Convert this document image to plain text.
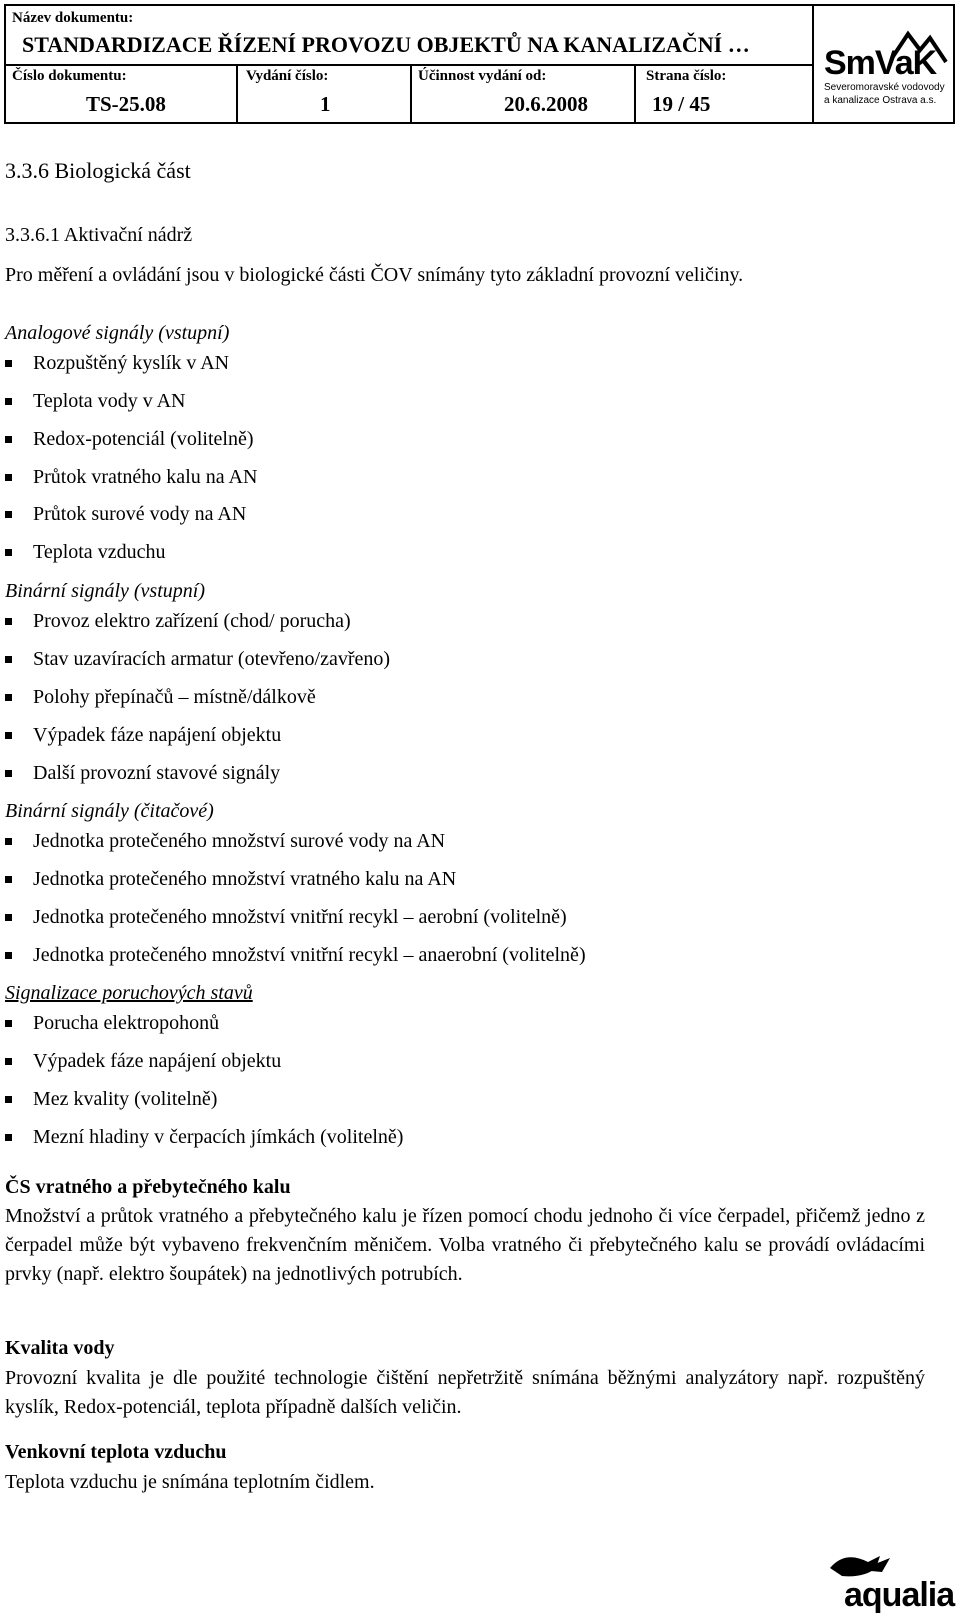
Název dokumentu:
STANDARDIZACE ŘÍZENÍ PROVOZU OBJEKTŮ NA KANALIZAČNÍ …
Číslo dokumentu:
TS-25.08
Vydání číslo:
1
Účinnost vydání od:
20.6.2008
Strana číslo:
19 / 45
SmVaK
Severomoravské vodovody
a kanalizace Ostrava a.s.
3.3.6 Biologická část
3.3.6.1 Aktivační nádrž
Pro měření a ovládání jsou v biologické části ČOV snímány tyto základní provozní veličiny.
Analogové signály (vstupní)
Rozpuštěný kyslík v AN
Teplota vody v AN
Redox-potenciál (volitelně)
Průtok vratného kalu na AN
Průtok surové vody na AN
Teplota vzduchu
Binární signály (vstupní)
Provoz elektro zařízení (chod/ porucha)
Stav uzavíracích armatur (otevřeno/zavřeno)
Polohy přepínačů – místně/dálkově
Výpadek fáze napájení objektu
Další provozní stavové signály
Binární signály (čitačové)
Jednotka protečeného množství surové vody na AN
Jednotka protečeného množství vratného kalu na AN
Jednotka protečeného množství vnitřní recykl – aerobní (volitelně)
Jednotka protečeného množství vnitřní recykl – anaerobní (volitelně)
Signalizace poruchových stavů
Porucha elektropohonů
Výpadek fáze napájení objektu
Mez kvality (volitelně)
Mezní hladiny v čerpacích jímkách (volitelně)
ČS vratného a přebytečného kalu
Množství a průtok vratného a přebytečného kalu je řízen pomocí chodu jednoho či více čerpadel, přičemž jedno z čerpadel může být vybaveno frekvenčním měničem. Volba vratného či přebytečného kalu se provádí ovládacími prvky (např. elektro šoupátek) na jednotlivých potrubích.
Kvalita vody
Provozní kvalita je dle použité technologie čištění nepřetržitě snímána běžnými analyzátory např. rozpuštěný kyslík, Redox-potenciál, teplota případně dalších veličin.
Venkovní teplota vzduchu
Teplota vzduchu je snímána teplotním čidlem.
aqualia
